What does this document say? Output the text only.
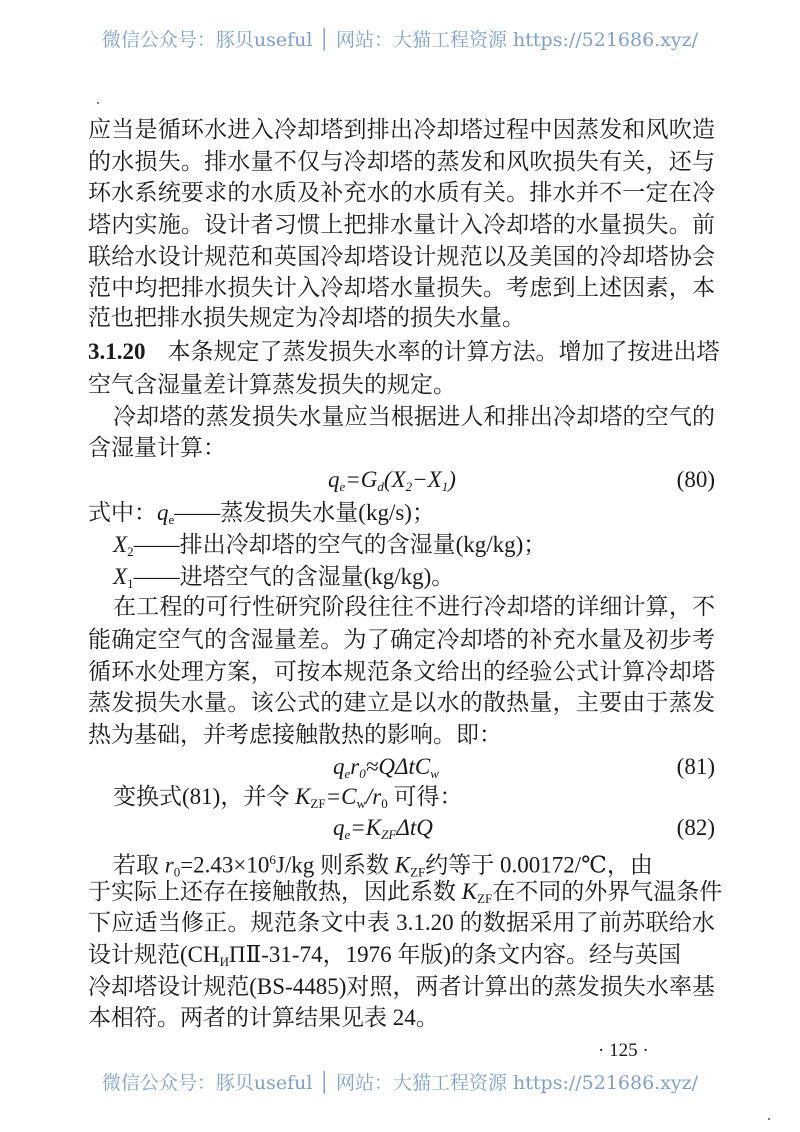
微信公众号：豚贝useful │ 网站：大猫工程资源 https://521686.xyz/
应当是循环水进入冷却塔到排出冷却塔过程中因蒸发和风吹造
的水损失。排水量不仅与冷却塔的蒸发和风吹损失有关，还与
环水系统要求的水质及补充水的水质有关。排水并不一定在冷
塔内实施。设计者习惯上把排水量计入冷却塔的水量损失。前
联给水设计规范和英国冷却塔设计规范以及美国的冷却塔协会
范中均把排水损失计入冷却塔水量损失。考虑到上述因素，本
范也把排水损失规定为冷却塔的损失水量。
3.1.20 本条规定了蒸发损失水率的计算方法。增加了按进出塔
空气含湿量差计算蒸发损失的规定。
冷却塔的蒸发损失水量应当根据进人和排出冷却塔的空气的
含湿量计算：
$q_e=G_d(X_2-X_1)$	(80)
式中：$q_e——$蒸发损失水量(kg/s)；
$X_2——$排出冷却塔的空气的含湿量(kg/kg)；
$X_1——$进塔空气的含湿量(kg/kg)。
在工程的可行性研究阶段往往不进行冷却塔的详细计算，不
能确定空气的含湿量差。为了确定冷却塔的补充水量及初步考
循环水处理方案，可按本规范条文给出的经验公式计算冷却塔
蒸发损失水量。该公式的建立是以水的散热量，主要由于蒸发
热为基础，并考虑接触散热的影响。即：
$q_er_0\approx Q\Delta tC_w$	(81)
变换式(81)，并令 $K_{ZF}=C_w/r_0$ 可得：
$q_e=K_{ZF}\Delta tQ$	(82)
若取 $r_0=2.43\times 10^6J/kg$ 则系数 $K_{ZF}$约等于 0.00172/℃，由
于实际上还存在接触散热，因此系数 $K_{ZF}$在不同的外界气温条件
下应适当修正。规范条文中表 3.1.20 的数据采用了前苏联给水
设计规范($CH_И\Pi Ⅱ-31-74$，1976 年版)的条文内容。经与英国
冷却塔设计规范(BS-4485)对照，两者计算出的蒸发损失水率基
本相符。两者的计算结果见表 24。
· 125 ·
微信公众号：豚贝useful │ 网站：大猫工程资源 https://521686.xyz/
